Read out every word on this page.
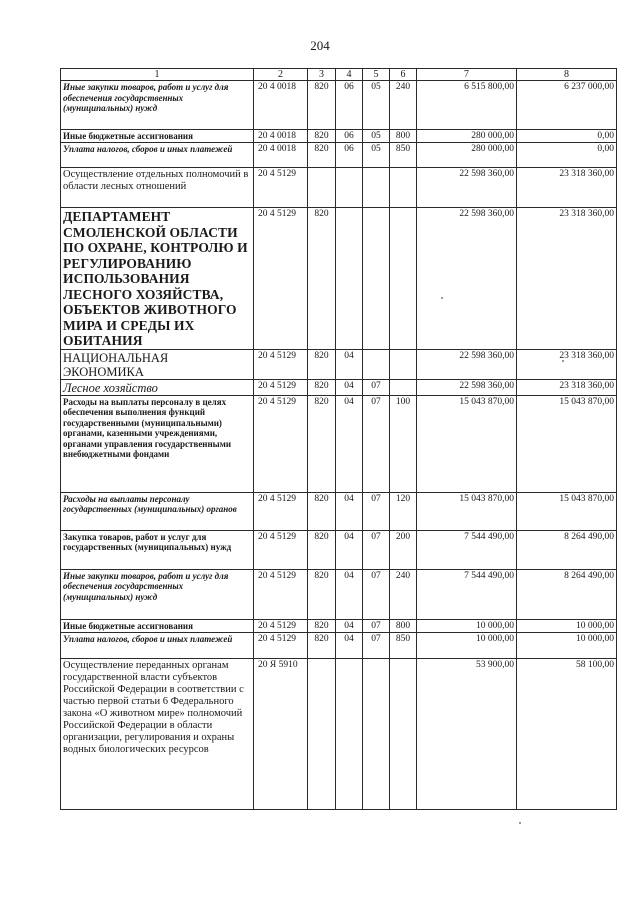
204
1	2	3	4	5	6	7	8
Иные закупки товаров, работ и услуг для обеспечения государственных (муниципальных) нужд	20 4 0018	820	06	05	240	6 515 800,00	6 237 000,00
Иные бюджетные ассигнования	20 4 0018	820	06	05	800	280 000,00	0,00
Уплата налогов, сборов и иных платежей	20 4 0018	820	06	05	850	280 000,00	0,00
Осуществление отдельных полномочий в области лесных отношений	20 4 5129					22 598 360,00	23 318 360,00
ДЕПАРТАМЕНТ СМОЛЕНСКОЙ ОБЛАСТИ ПО ОХРАНЕ, КОНТРОЛЮ И РЕГУЛИРОВАНИЮ ИСПОЛЬЗОВАНИЯ ЛЕСНОГО ХОЗЯЙСТВА, ОБЪЕКТОВ ЖИВОТНОГО МИРА И СРЕДЫ ИХ ОБИТАНИЯ	20 4 5129	820				22 598 360,00	23 318 360,00
НАЦИОНАЛЬНАЯ ЭКОНОМИКА	20 4 5129	820	04			22 598 360,00	23 318 360,00
Лесное хозяйство	20 4 5129	820	04	07		22 598 360,00	23 318 360,00
Расходы на выплаты персоналу в целях обеспечения выполнения функций государственными (муниципальными) органами, казенными учреждениями, органами управления государственными внебюджетными фондами	20 4 5129	820	04	07	100	15 043 870,00	15 043 870,00
Расходы на выплаты персоналу государственных (муниципальных) органов	20 4 5129	820	04	07	120	15 043 870,00	15 043 870,00
Закупка товаров, работ и услуг для государственных (муниципальных) нужд	20 4 5129	820	04	07	200	7 544 490,00	8 264 490,00
Иные закупки товаров, работ и услуг для обеспечения государственных (муниципальных) нужд	20 4 5129	820	04	07	240	7 544 490,00	8 264 490,00
Иные бюджетные ассигнования	20 4 5129	820	04	07	800	10 000,00	10 000,00
Уплата налогов, сборов и иных платежей	20 4 5129	820	04	07	850	10 000,00	10 000,00
Осуществление переданных органам государственной власти субъектов Российской Федерации в соответствии с частью первой статьи 6 Федерального закона «О животном мире» полномочий Российской Федерации в области организации, регулирования и охраны водных биологических ресурсов	20 Я 5910					53 900,00	58 100,00
